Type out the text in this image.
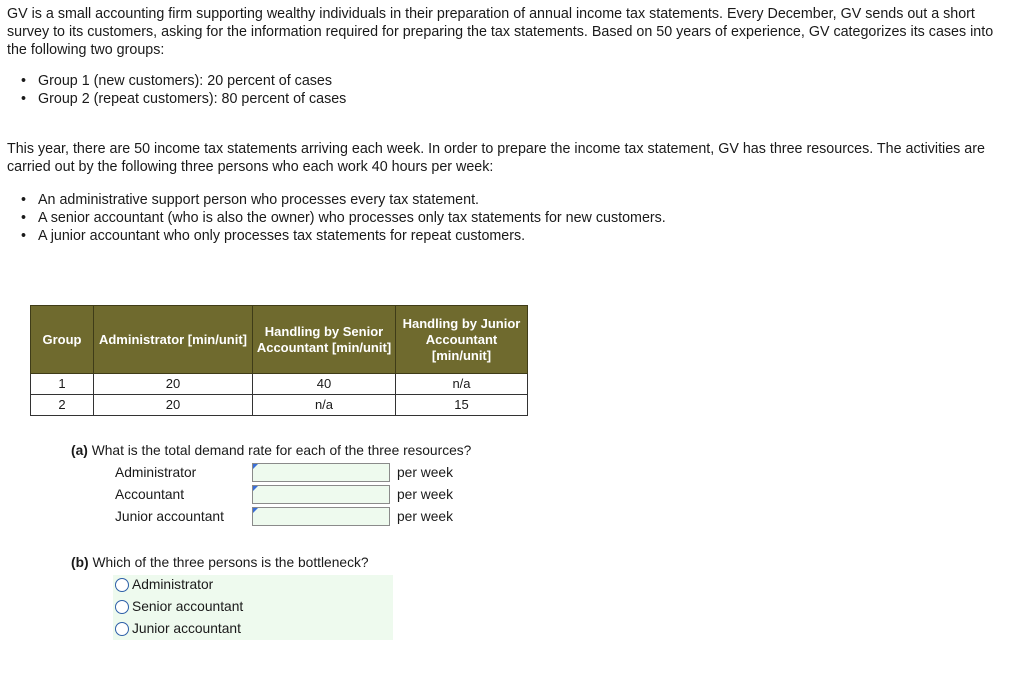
GV is a small accounting firm supporting wealthy individuals in their preparation of annual income tax statements. Every December, GV sends out a short survey to its customers, asking for the information required for preparing the tax statements. Based on 50 years of experience, GV categorizes its cases into the following two groups:

• Group 1 (new customers): 20 percent of cases
• Group 2 (repeat customers): 80 percent of cases

This year, there are 50 income tax statements arriving each week. In order to prepare the income tax statement, GV has three resources. The activities are carried out by the following three persons who each work 40 hours per week:

• An administrative support person who processes every tax statement.
• A senior accountant (who is also the owner) who processes only tax statements for new customers.
• A junior accountant who only processes tax statements for repeat customers.
Group	Administrator [min/unit]	Handling by Senior Accountant [min/unit]	Handling by Junior Accountant [min/unit]
1	20	40	n/a
2	20	n/a	15
(a) What is the total demand rate for each of the three resources?
Administrator	per week
Accountant	per week
Junior accountant	per week
(b) Which of the three persons is the bottleneck?
Administrator
Senior accountant
Junior accountant
